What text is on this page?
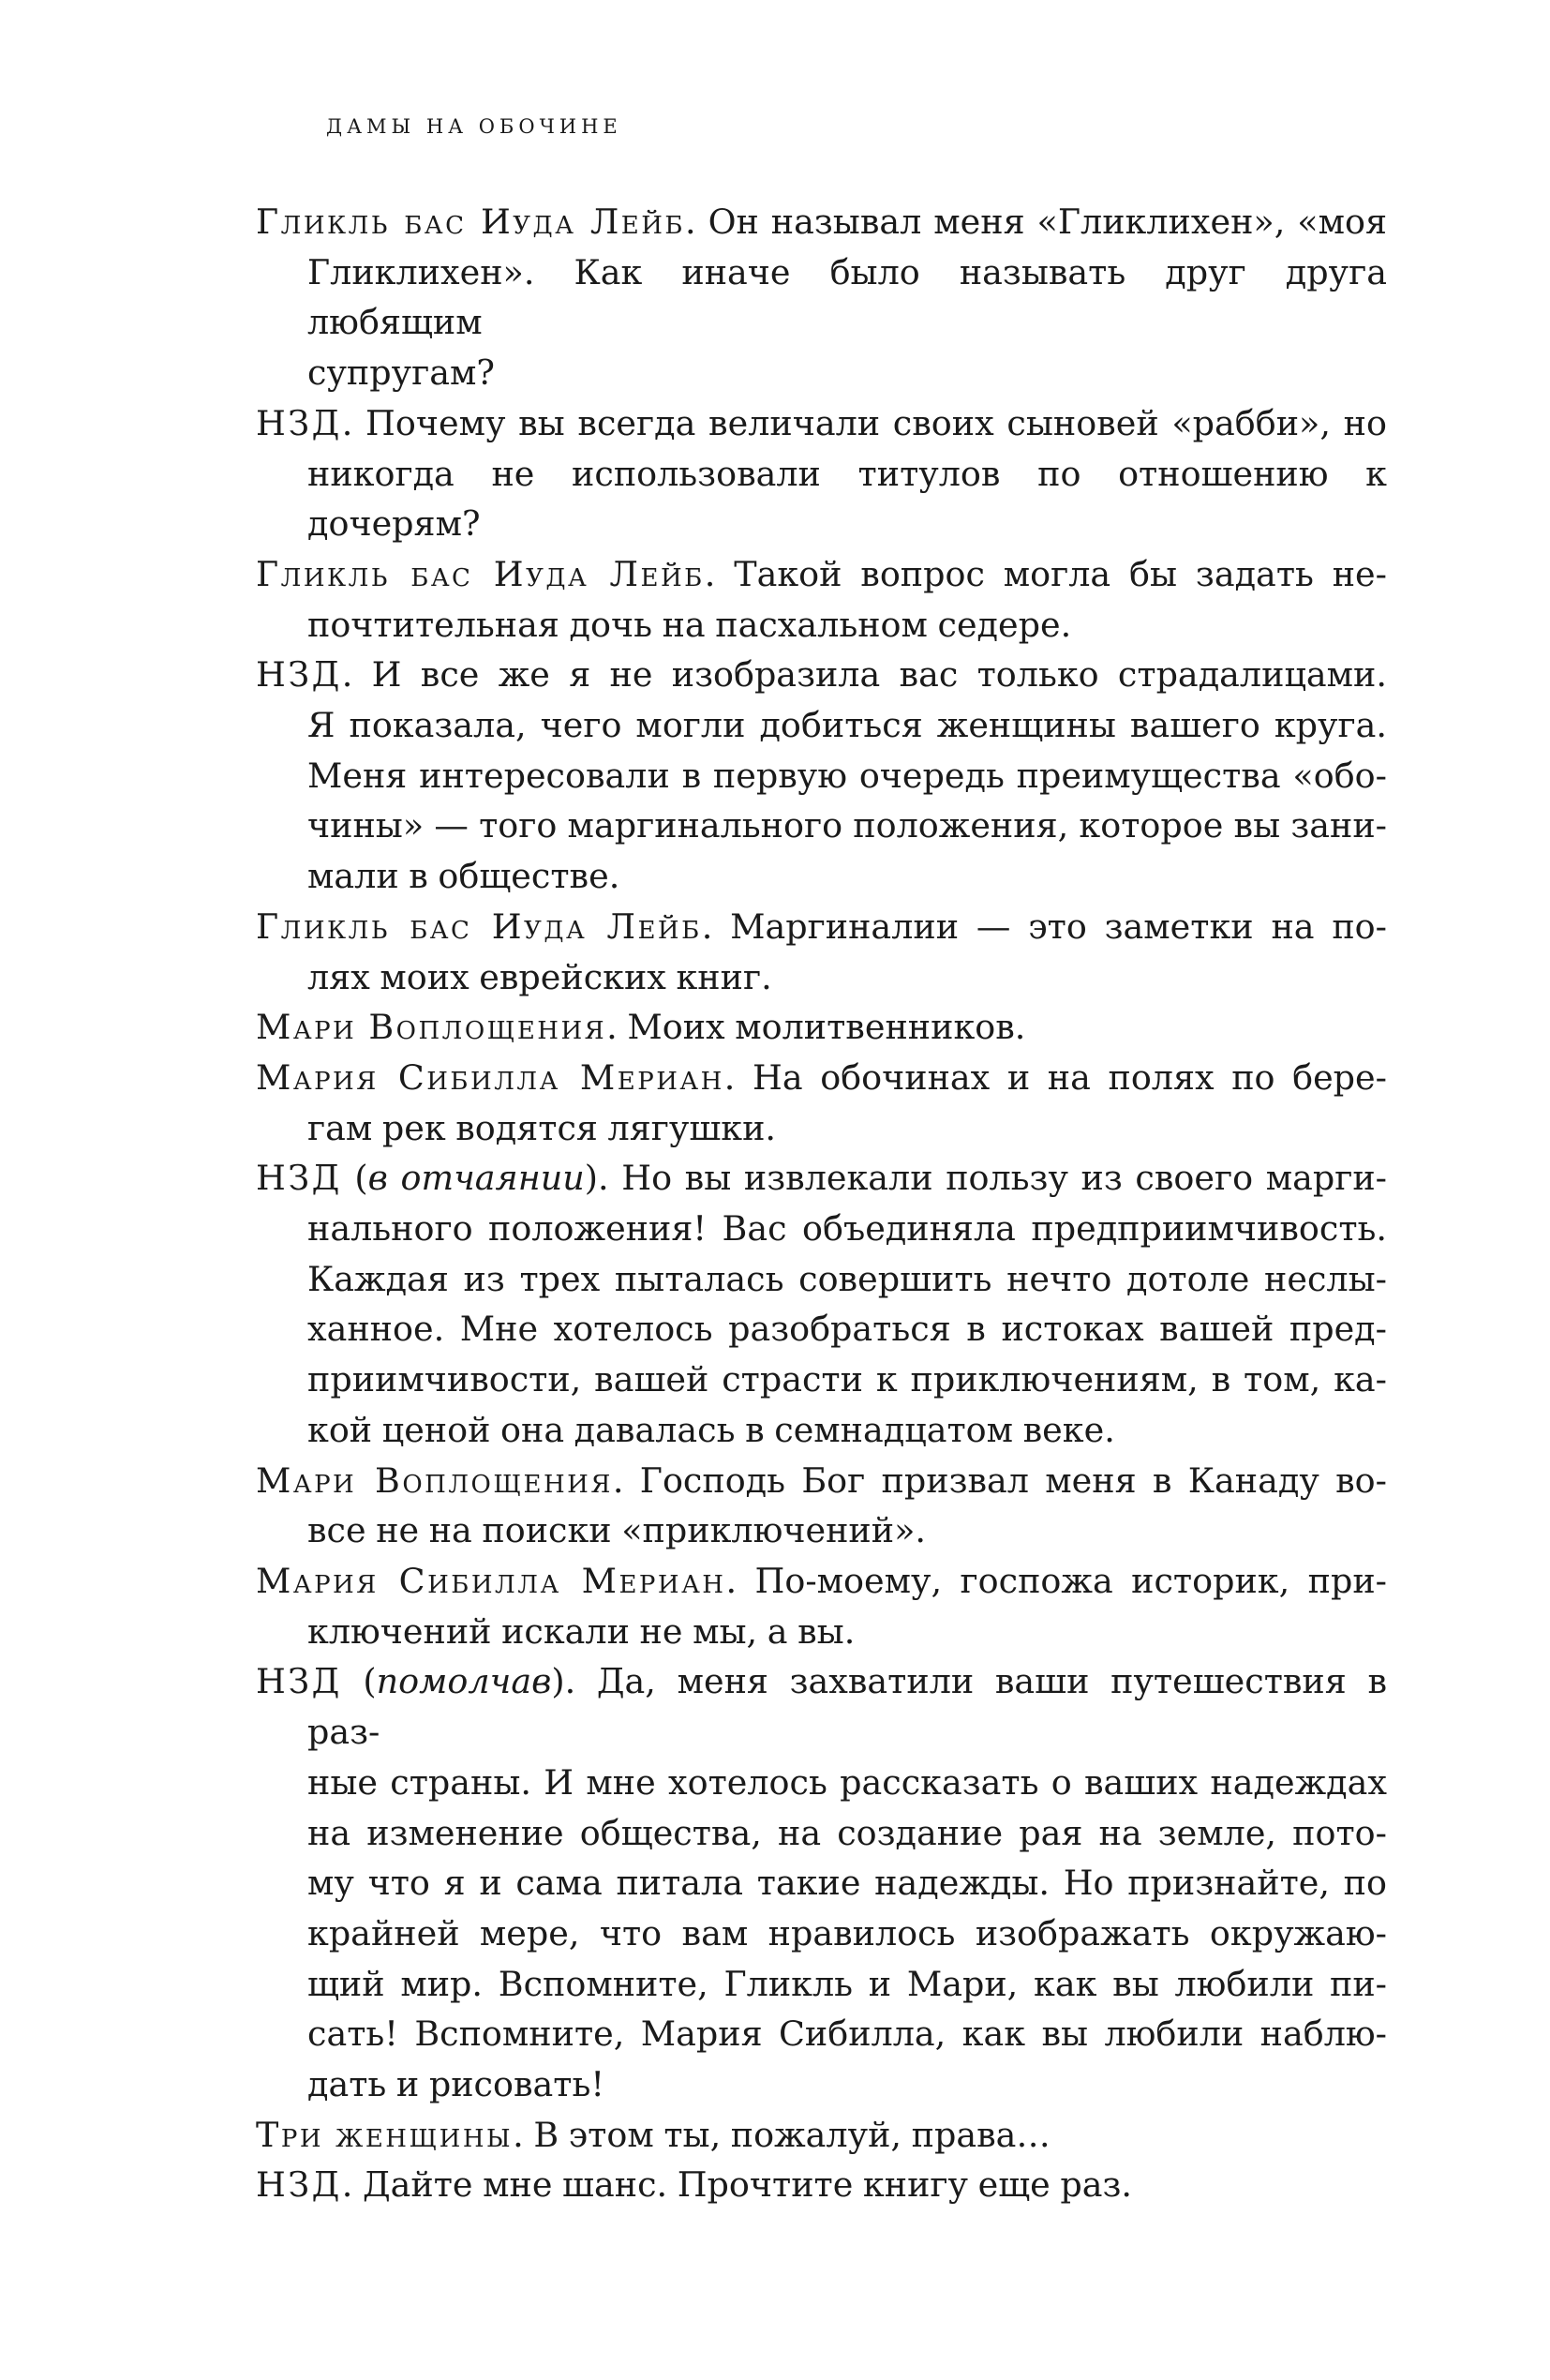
ДАМЫ НА ОБОЧИНЕ

Гликль бас Иуда Лейб. Он называл меня «Гликлихен», «моя
Гликлихен». Как иначе было называть друг друга любящим
супругам?

НЗД. Почему вы всегда величали своих сыновей «рабби», но
никогда не использовали титулов по отношению к дочерям?

Гликль бас Иуда Лейб. Такой вопрос могла бы задать не-
почтительная дочь на пасхальном седере.

НЗД. И все же я не изобразила вас только страдалицами.
Я показала, чего могли добиться женщины вашего круга.
Меня интересовали в первую очередь преимущества «обо-
чины» — того маргинального положения, которое вы зани-
мали в обществе.

Гликль бас Иуда Лейб. Маргиналии — это заметки на по-
лях моих еврейских книг.

Мари Воплощения. Моих молитвенников.

Мария Сибилла Мериан. На обочинах и на полях по бере-
гам рек водятся лягушки.

НЗД (в отчаянии). Но вы извлекали пользу из своего марги-
нального положения! Вас объединяла предприимчивость.
Каждая из трех пыталась совершить нечто дотоле неслы-
ханное. Мне хотелось разобраться в истоках вашей пред-
приимчивости, вашей страсти к приключениям, в том, ка-
кой ценой она давалась в семнадцатом веке.

Мари Воплощения. Господь Бог призвал меня в Канаду во-
все не на поиски «приключений».

Мария Сибилла Мериан. По-моему, госпожа историк, при-
ключений искали не мы, а вы.

НЗД (помолчав). Да, меня захватили ваши путешествия в раз-
ные страны. И мне хотелось рассказать о ваших надеждах
на изменение общества, на создание рая на земле, пото-
му что я и сама питала такие надежды. Но признайте, по
крайней мере, что вам нравилось изображать окружаю-
щий мир. Вспомните, Гликль и Мари, как вы любили пи-
сать! Вспомните, Мария Сибилла, как вы любили наблю-
дать и рисовать!

Три женщины. В этом ты, пожалуй, права…

НЗД. Дайте мне шанс. Прочтите книгу еще раз.
